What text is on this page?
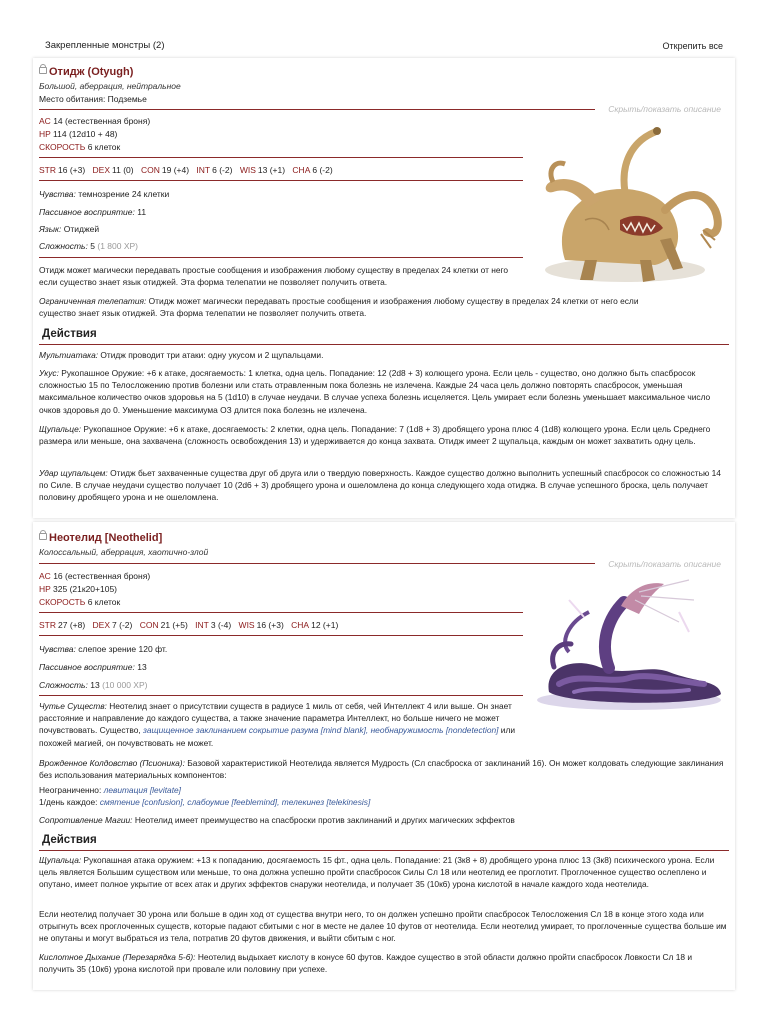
Закрепленные монстры (2)	Открепить все
Отидж (Otyugh)
Большой, аберрация, нейтральное
Место обитания: Подземье
Скрыть/показать описание
AC 14 (естественная броня)
HP 114 (12d10 + 48)
СКОРОСТЬ 6 клеток
STR 16 (+3) DEX 11 (0) CON 19 (+4) INT 6 (-2) WIS 13 (+1) CHA 6 (-2)
Чувства: темнозрение 24 клетки
Пассивное восприятие: 11
Язык: Отиджей
Сложность: 5 (1 800 XP)
Отидж может магически передавать простые сообщения и изображения любому существу в пределах 24 клетки от него если существо знает язык отиджей. Эта форма телепатии не позволяет получить ответа.
Ограниченная телепатия: Отидж может магически передавать простые сообщения и изображения любому существу в пределах 24 клетки от него если существо знает язык отиджей. Эта форма телепатии не позволяет получить ответа.
Действия
Мультиатака: Отидж проводит три атаки: одну укусом и 2 щупальцами.
Укус: Рукопашное Оружие: +6 к атаке, досягаемость: 1 клетка, одна цель. Попадание: 12 (2d8 + 3) колющего урона. Если цель - существо, оно должно быть спасбросок сложностью 15 по Телосложению против болезни или стать отравленным пока болезнь не излечена. Каждые 24 часа цель должно повторять спасбросок, уменьшая максимальное количество очков здоровья на 5 (1d10) в случае неудачи. В случае успеха болезнь исцеляется. Цель умирает если болезнь уменьшает максимальное число очков здоровья до 0. Уменьшение максимума ОЗ длится пока болезнь не излечена.
Щупальце: Рукопашное Оружие: +6 к атаке, досягаемость: 2 клетки, одна цель. Попадание: 7 (1d8 + 3) дробящего урона плюс 4 (1d8) колющего урона. Если цель Среднего размера или меньше, она захвачена (сложность освобождения 13) и удерживается до конца захвата. Отидж имеет 2 щупальца, каждым он может захватить одну цель.
Удар щупальцем: Отидж бьет захваченные существа друг об друга или о твердую поверхность. Каждое существо должно выполнить успешный спасбросок со сложностью 14 по Силе. В случае неудачи существо получает 10 (2d6 + 3) дробящего урона и ошеломлена до конца следующего хода отиджа. В случае успешного броска, цель получает половину дробящего урона и не ошеломлена.
Неотелид [Neothelid]
Колоссальный, аберрация, хаотично-злой
Скрыть/показать описание
AC 16 (естественная броня)
HP 325 (21к20+105)
СКОРОСТЬ 6 клеток
STR 27 (+8) DEX 7 (-2) CON 21 (+5) INT 3 (-4) WIS 16 (+3) CHA 12 (+1)
Чувства: слепое зрение 120 фт.
Пассивное восприятие: 13
Сложность: 13 (10 000 XP)
Чутье Существ: Неотелид знает о присутствии существ в радиусе 1 миль от себя, чей Интеллект 4 или выше. Он знает расстояние и направление до каждого существа, а также значение параметра Интеллект, но больше ничего не может почувствовать. Существо, защищенное заклинанием сокрытие разума [mind blank], необнаружимость [nondetection] или похожей магией, он почувствовать не может.
Врожденное Колдовство (Псионика): Базовой характеристикой Неотелида является Мудрость (Сл спасброска от заклинаний 16). Он может колдовать следующие заклинания без использования материальных компонентов:
Неограниченно: левитация [levitate]
1/день каждое: смятение [confusion], слабоумие [feeblemind], телекинез [telekinesis]
Сопротивление Магии: Неотелид имеет преимущество на спасброски против заклинаний и других магических эффектов
Действия
Щупальца: Рукопашная атака оружием: +13 к попаданию, досягаемость 15 фт., одна цель. Попадание: 21 (3к8 + 8) дробящего урона плюс 13 (3к8) психического урона. Если цель является Большим существом или меньше, то она должна успешно пройти спасбросок Силы Сл 18 или неотелид ее проглотит. Проглоченное существо ослеплено и опутано, имеет полное укрытие от всех атак и других эффектов снаружи неотелида, и получает 35 (10к6) урона кислотой в начале каждого хода неотелида.
Если неотелид получает 30 урона или больше в один ход от существа внутри него, то он должен успешно пройти спасбросок Телосложения Сл 18 в конце этого хода или отрыгнуть всех проглоченных существ, которые падают сбитыми с ног в месте не далее 10 футов от неотелида. Если неотелид умирает, то проглоченные существа больше им не опутаны и могут выбраться из тела, потратив 20 футов движения, и выйти сбитым с ног.
Кислотное Дыхание (Перезарядка 5-6): Неотелид выдыхает кислоту в конусе 60 футов. Каждое существо в этой области должно пройти спасбросок Ловкости Сл 18 и получить 35 (10к6) урона кислотой при провале или половину при успехе.
